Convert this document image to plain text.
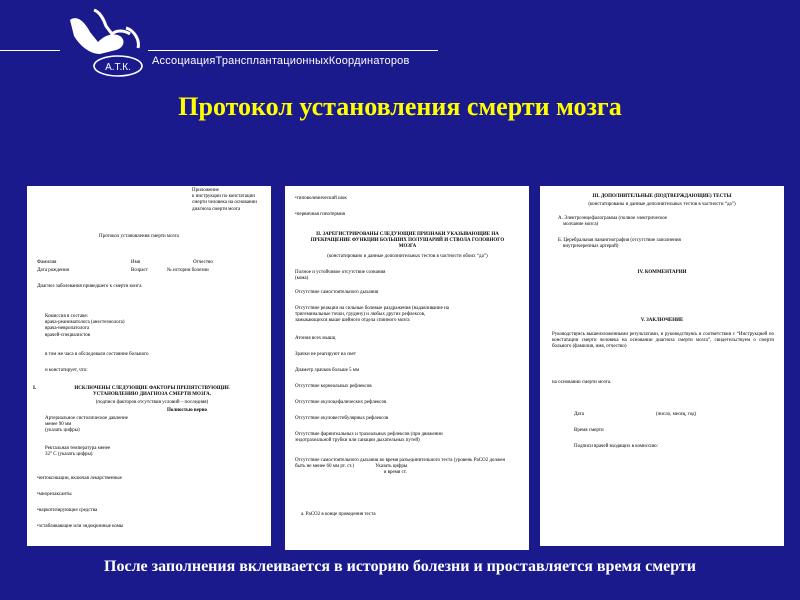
А.Т.К.
АссоциацияТрансплантационныхКоординаторов
Протокол установления смерти мозга
Приложение
к инструкции по констатации
смерти человека на основании
диагноза смерти мозга
Протокол установления смерти мозга
Фамилия	Имя	Отчество
Дата рождения	Возраст	№ истории болезни
Диагноз заболевания приведшего к смерти мозга
Комиссия в составе:
врача-реаниматолога (анестезиолога)
врача-невропатолога
врачей-специалистов
в том же часа в обследовали состояние больного
и констатирует, что:
I.	ИСКЛЮЧЕНЫ СЛЕДУЮЩИЕ ФАКТОРЫ ПРЕПЯТСТВУЮЩИЕ УСТАНОВЛЕНИЮ ДИАГНОЗА СМЕРТИ МОЗГА.
(подписи факторов отсутствия условий – последняя)
Полностью верно
Артериальное систолическое давление
менее 90 мм
(указать цифры)
Ректальная температура менее
32° С (указать цифры)
•интоксикации, включая лекарственные
•миорелаксанты
•наркотизирующие средства
•эстабливающие или эндокринные комы
•гиповолемический шок
•первичная гипотермия
II. ЗАРЕГИСТРИРОВАНЫ СЛЕДУЮЩИЕ ПРИЗНАКИ УКАЗЫВАЮЩИЕ НА ПРЕКРАЩЕНИЕ ФУНКЦИИ БОЛЬШИХ ПОЛУШАРИЙ И СТВОЛА ГОЛОВНОГО МОЗГА
(констатировано и данные дополнительных тестов в частности обоих “да”)
Полное и устойчивое отсутствие сознания
(кома)
Отсутствие самостоятельного дыхания
Отсутствие реакции на сильные болевые раздражения (надавливание на тригеминальные точки, грудину) и любых других рефлексов, замыкающихся выше шейного отдела спинного мозга
Атония всех мышц
Зрачки не реагируют на свет
Диаметр зрачков больше 5 мм
Отсутствие корнеальных рефлексов
Отсутствие окулоцефалических рефлексов
Отсутствие окуловестибулярных рефлексов
Отсутствие фарингеальных и трахеальных рефлексов (при движении эндотрахеальной трубки или санации дыхательных путей)
Отсутствие самостоятельного дыхания во время разъединительного теста (уровень PaCO2 должен быть не менее 60 мм рт. ст.)                 Указать цифры
и время ст.
а. PaCO2 в конце проведения теста
III. ДОПОЛНИТЕЛЬНЫЕ (ПОДТВЕРЖДАЮЩИЕ) ТЕСТЫ
(констатированы и данные дополнительных тестов в частности “да”)
А. Электроэнцефалограмма (полное электрическое
молчание мозга)
Б. Церебральная панангиография (отсутствие заполнения
внутричерепных артерий)
IV. КОММЕНТАРИИ
V. ЗАКЛЮЧЕНИЕ
Руководствуясь вышеизложенными результатами, и руководствуясь в соответствии с “Инструкцией по констатации смерти человека на основании диагноза смерти мозга”, свидетельствуем о смерти больного (фамилия, имя, отчество)
на основании смерти мозга.
Дата	(число, месяц, год)
Время смерти
Подписи врачей входящих в комиссию:
После заполнения вклеивается в историю болезни и проставляется время смерти
